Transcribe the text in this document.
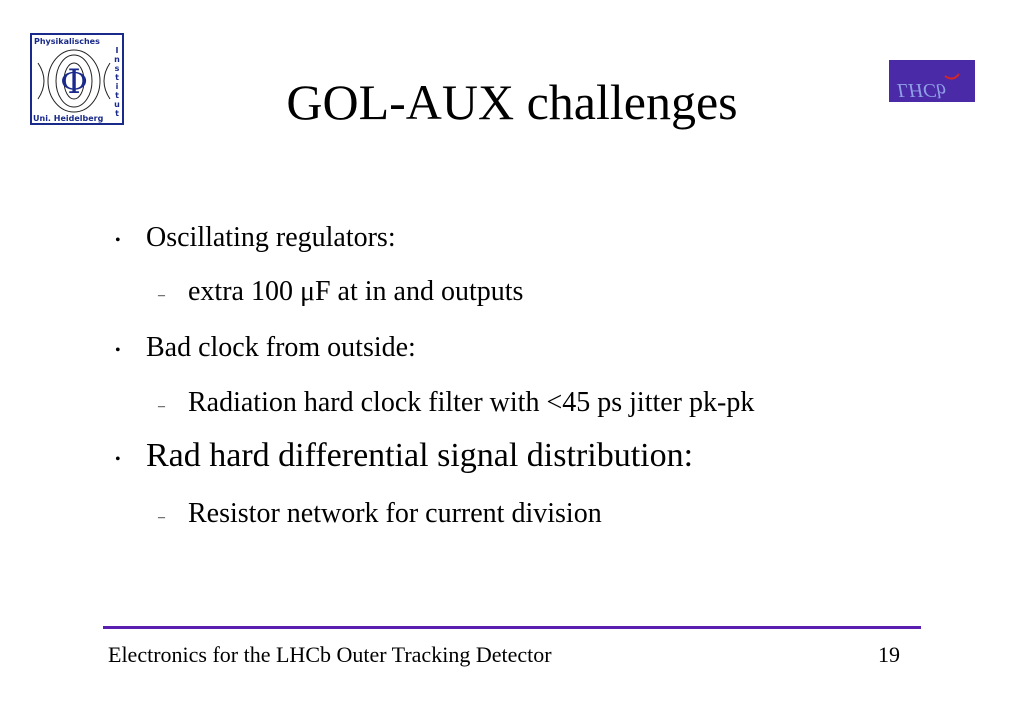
Φ
Physikalisches
Uni. Heidelberg
I
n
s
t
i
t
u
t
LHCb
LHCb
GOL-AUX challenges
• Oscillating regulators:
– extra 100 μF at in and outputs
• Bad clock from outside:
– Radiation hard clock filter with <45 ps jitter pk-pk
• Rad hard differential signal distribution:
– Resistor network for current division
Electronics for the LHCb Outer Tracking Detector	19
